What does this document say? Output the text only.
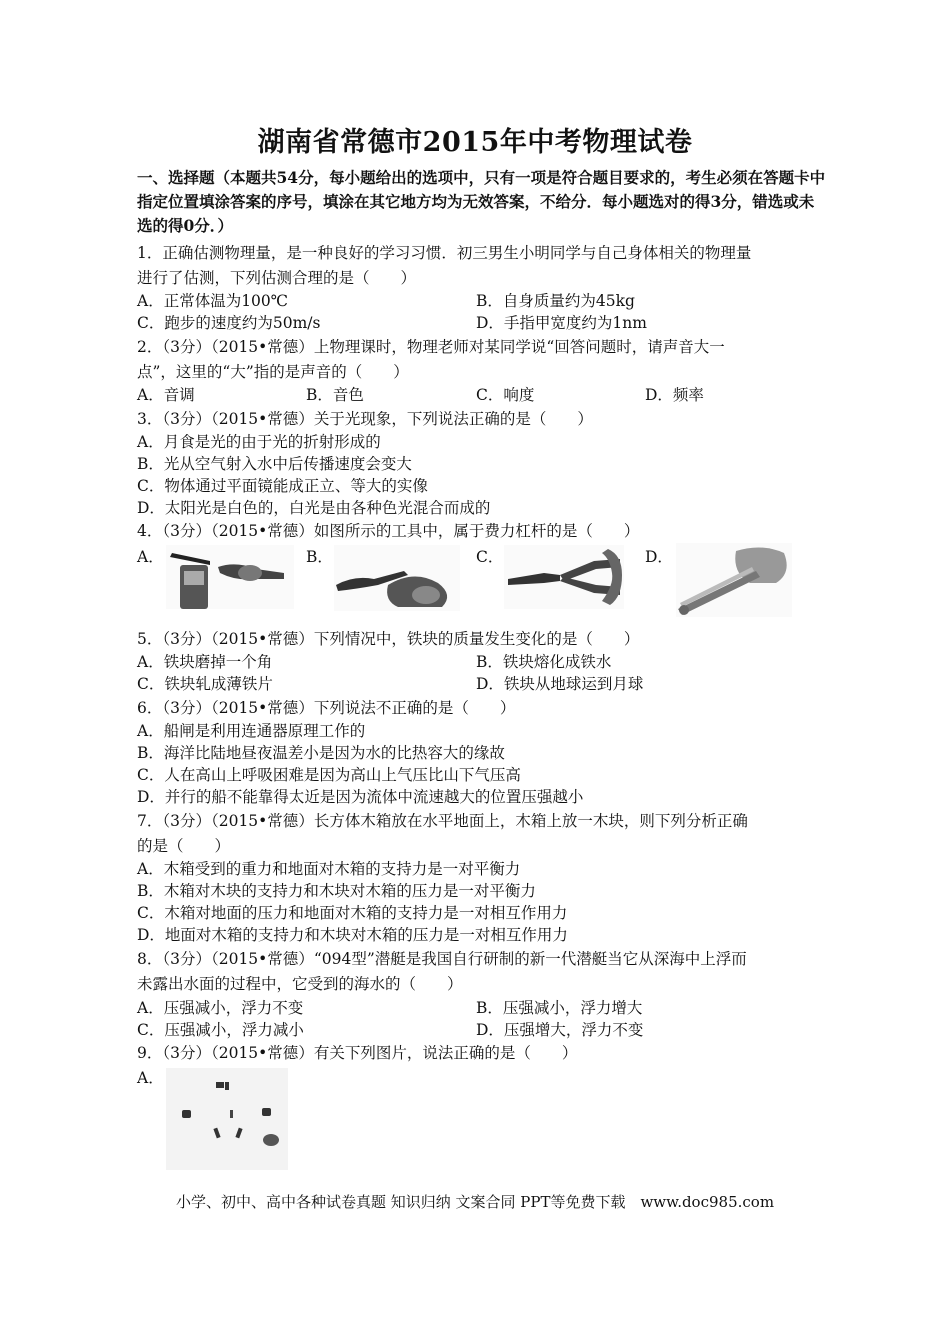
湖南省常德市2015年中考物理试卷
一、选择题（本题共54分，每小题给出的选项中，只有一项是符合题目要求的，考生必须在答题卡中指定位置填涂答案的序号，填涂在其它地方均为无效答案，不给分．每小题选对的得3分，错选或未选的得0分．）
1．正确估测物理量，是一种良好的学习习惯．初三男生小明同学与自己身体相关的物理量
进行了估测，下列估测合理的是（　　）
A．正常体温为100℃	B．自身质量约为45kg
C．跑步的速度约为50m/s	D．手指甲宽度约为1nm
2．（3分）（2015•常德）上物理课时，物理老师对某同学说“回答问题时，请声音大一
点”，这里的“大”指的是声音的（　　）
A．音调	B．音色	C．响度	D．频率
3．（3分）（2015•常德）关于光现象，下列说法正确的是（　　）
A．月食是光的由于光的折射形成的
B．光从空气射入水中后传播速度会变大
C．物体通过平面镜能成正立、等大的实像
D．太阳光是白色的，白光是由各种色光混合而成的
4．（3分）（2015•常德）如图所示的工具中，属于费力杠杆的是（　　）
A．	B．	C．	D．
5．（3分）（2015•常德）下列情况中，铁块的质量发生变化的是（　　）
A．铁块磨掉一个角	B．铁块熔化成铁水
C．铁块轧成薄铁片	D．铁块从地球运到月球
6．（3分）（2015•常德）下列说法不正确的是（　　）
A．船闸是利用连通器原理工作的
B．海洋比陆地昼夜温差小是因为水的比热容大的缘故
C．人在高山上呼吸困难是因为高山上气压比山下气压高
D．并行的船不能靠得太近是因为流体中流速越大的位置压强越小
7．（3分）（2015•常德）长方体木箱放在水平地面上，木箱上放一木块，则下列分析正确
的是（　　）
A．木箱受到的重力和地面对木箱的支持力是一对平衡力
B．木箱对木块的支持力和木块对木箱的压力是一对平衡力
C．木箱对地面的压力和地面对木箱的支持力是一对相互作用力
D．地面对木箱的支持力和木块对木箱的压力是一对相互作用力
8．（3分）（2015•常德）“094型”潜艇是我国自行研制的新一代潜艇当它从深海中上浮而
未露出水面的过程中，它受到的海水的（　　）
A．压强减小，浮力不变	B．压强减小，浮力增大
C．压强减小，浮力减小	D．压强增大，浮力不变
9．（3分）（2015•常德）有关下列图片，说法正确的是（　　）
A．
小学、初中、高中各种试卷真题 知识归纳 文案合同 PPT等免费下载　www.doc985.com
